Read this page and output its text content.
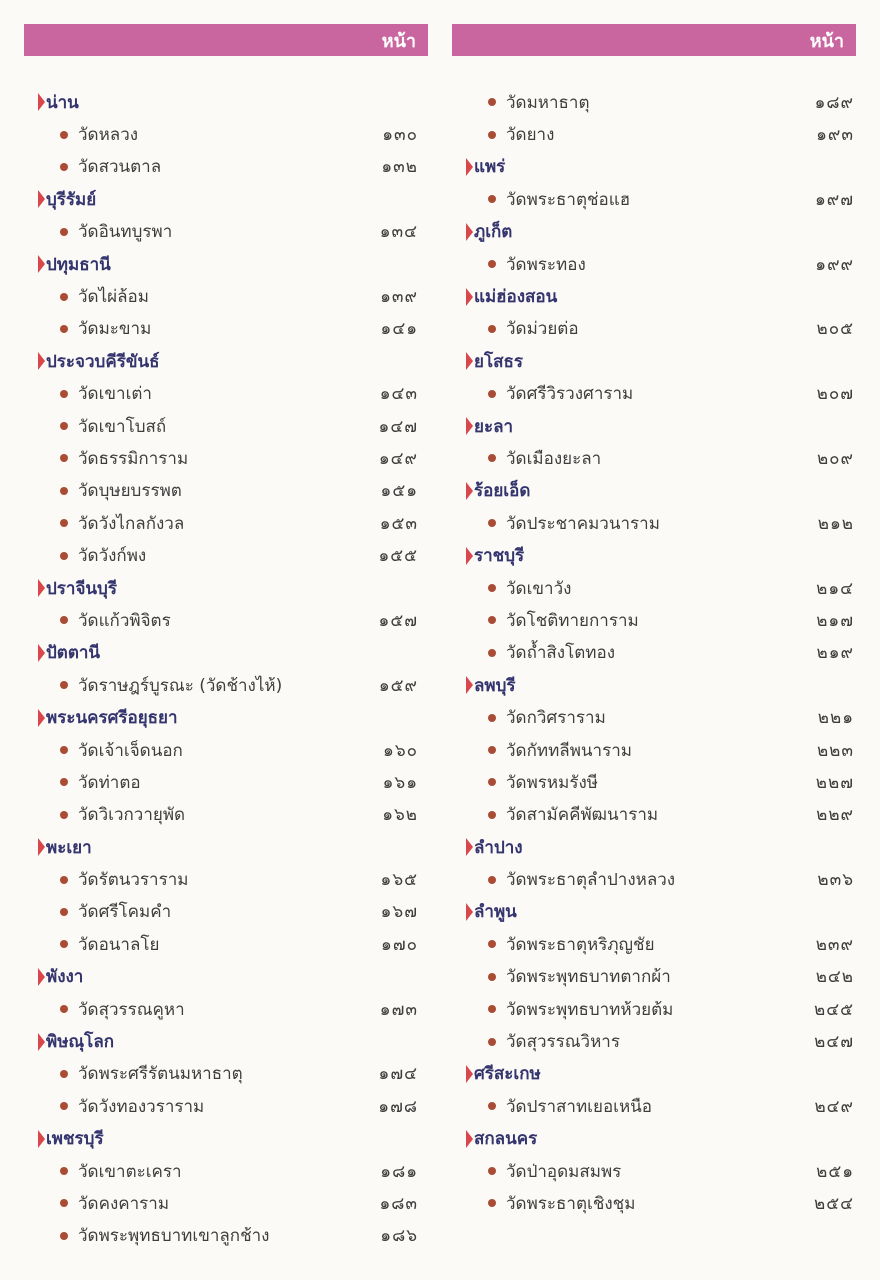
หน้า
น่าน
วัดหลวง	๑๓๐
วัดสวนตาล	๑๓๒
บุรีรัมย์
วัดอินทบูรพา	๑๓๔
ปทุมธานี
วัดไผ่ล้อม	๑๓๙
วัดมะขาม	๑๔๑
ประจวบคีรีขันธ์
วัดเขาเต่า	๑๔๓
วัดเขาโบสถ์	๑๔๗
วัดธรรมิการาม	๑๔๙
วัดบุษยบรรพต	๑๕๑
วัดวังไกลกังวล	๑๕๓
วัดวังก์พง	๑๕๕
ปราจีนบุรี
วัดแก้วพิจิตร	๑๕๗
ปัตตานี
วัดราษฎร์บูรณะ (วัดช้างไห้)	๑๕๙
พระนครศรีอยุธยา
วัดเจ้าเจ็ดนอก	๑๖๐
วัดท่าตอ	๑๖๑
วัดวิเวกวายุพัด	๑๖๒
พะเยา
วัดรัตนวราราม	๑๖๕
วัดศรีโคมคำ	๑๖๗
วัดอนาลโย	๑๗๐
พังงา
วัดสุวรรณคูหา	๑๗๓
พิษณุโลก
วัดพระศรีรัตนมหาธาตุ	๑๗๔
วัดวังทองวราราม	๑๗๘
เพชรบุรี
วัดเขาตะเครา	๑๘๑
วัดคงคาราม	๑๘๓
วัดพระพุทธบาทเขาลูกช้าง	๑๘๖
หน้า
วัดมหาธาตุ	๑๘๙
วัดยาง	๑๙๓
แพร่
วัดพระธาตุช่อแฮ	๑๙๗
ภูเก็ต
วัดพระทอง	๑๙๙
แม่ฮ่องสอน
วัดม่วยต่อ	๒๐๕
ยโสธร
วัดศรีวิรวงศาราม	๒๐๗
ยะลา
วัดเมืองยะลา	๒๐๙
ร้อยเอ็ด
วัดประชาคมวนาราม	๒๑๒
ราชบุรี
วัดเขาวัง	๒๑๔
วัดโชติทายการาม	๒๑๗
วัดถ้ำสิงโตทอง	๒๑๙
ลพบุรี
วัดกวิศราราม	๒๒๑
วัดกัททลีพนาราม	๒๒๓
วัดพรหมรังษี	๒๒๗
วัดสามัคคีพัฒนาราม	๒๒๙
ลำปาง
วัดพระธาตุลำปางหลวง	๒๓๖
ลำพูน
วัดพระธาตุหริภุญชัย	๒๓๙
วัดพระพุทธบาทตากผ้า	๒๔๒
วัดพระพุทธบาทห้วยต้ม	๒๔๕
วัดสุวรรณวิหาร	๒๔๗
ศรีสะเกษ
วัดปราสาทเยอเหนือ	๒๔๙
สกลนคร
วัดป่าอุดมสมพร	๒๕๑
วัดพระธาตุเชิงชุม	๒๕๔
